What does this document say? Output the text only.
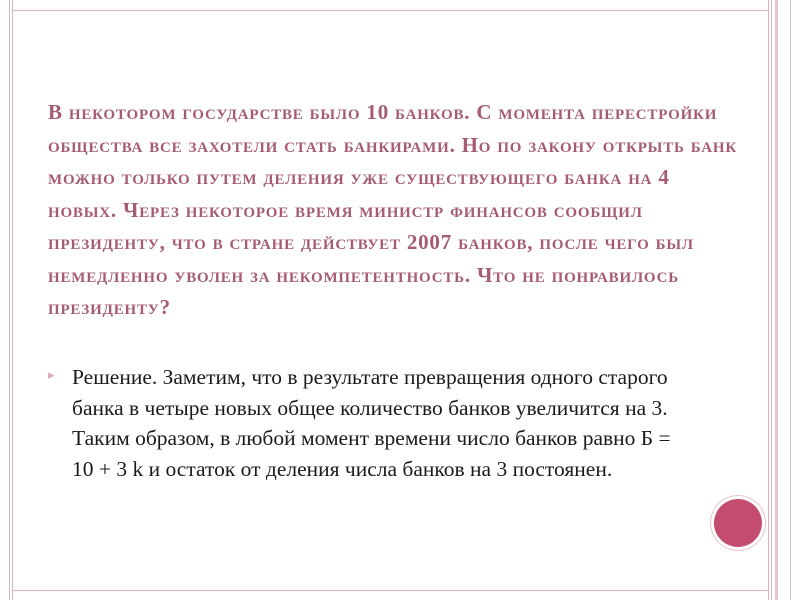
В некотором государстве было 10 банков. С момента перестройки общества все захотели стать банкирами. Но по закону открыть банк можно только путем деления уже существующего банка на 4 новых. Через некоторое время министр финансов сообщил президенту, что в стране действует 2007 банков, после чего был немедленно уволен за некомпетентность. Что не понравилось президенту?
▸ Решение. Заметим, что в результате превращения одного старого банка в четыре новых общее количество банков увеличится на 3. Таким образом, в любой момент времени число банков равно Б = 10 + 3 k и остаток от деления числа банков на 3 постоянен.
